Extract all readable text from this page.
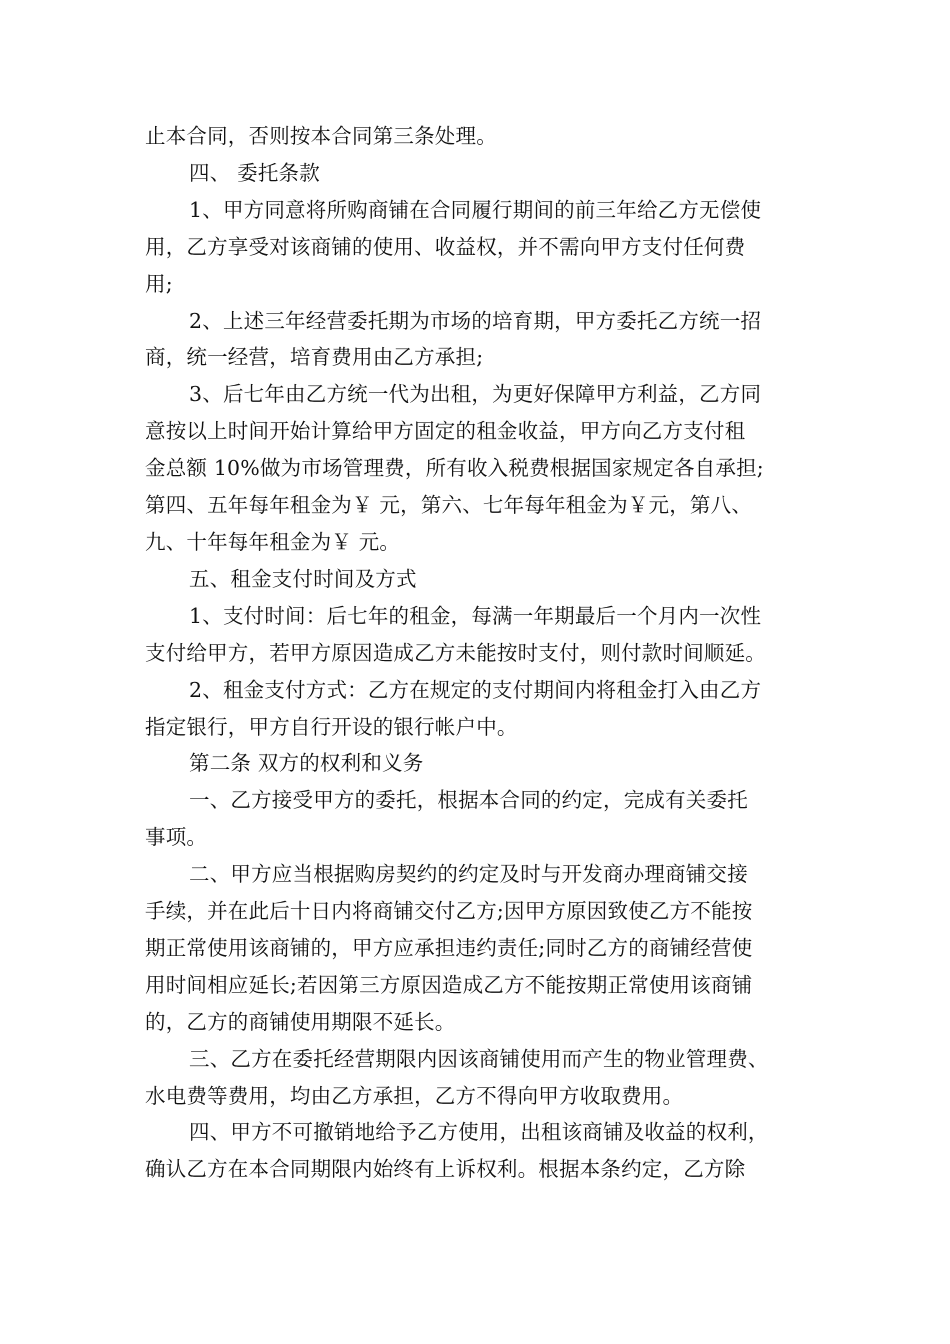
止本合同，否则按本合同第三条处理。

四、 委托条款

1、甲方同意将所购商铺在合同履行期间的前三年给乙方无偿使
用，乙方享受对该商铺的使用、收益权，并不需向甲方支付任何费
用;

2、上述三年经营委托期为市场的培育期，甲方委托乙方统一招
商，统一经营，培育费用由乙方承担;

3、后七年由乙方统一代为出租，为更好保障甲方利益，乙方同
意按以上时间开始计算给甲方固定的租金收益，甲方向乙方支付租
金总额 10%做为市场管理费，所有收入税费根据国家规定各自承担;
第四、五年每年租金为￥ 元，第六、七年每年租金为￥元，第八、
九、十年每年租金为￥ 元。

五、租金支付时间及方式

1、支付时间：后七年的租金，每满一年期最后一个月内一次性
支付给甲方，若甲方原因造成乙方未能按时支付，则付款时间顺延。

2、租金支付方式：乙方在规定的支付期间内将租金打入由乙方
指定银行，甲方自行开设的银行帐户中。

第二条 双方的权利和义务

一、乙方接受甲方的委托，根据本合同的约定，完成有关委托
事项。

二、甲方应当根据购房契约的约定及时与开发商办理商铺交接
手续，并在此后十日内将商铺交付乙方;因甲方原因致使乙方不能按
期正常使用该商铺的，甲方应承担违约责任;同时乙方的商铺经营使
用时间相应延长;若因第三方原因造成乙方不能按期正常使用该商铺
的，乙方的商铺使用期限不延长。

三、乙方在委托经营期限内因该商铺使用而产生的物业管理费、
水电费等费用，均由乙方承担，乙方不得向甲方收取费用。

四、甲方不可撤销地给予乙方使用，出租该商铺及收益的权利，
确认乙方在本合同期限内始终有上诉权利。根据本条约定，乙方除
